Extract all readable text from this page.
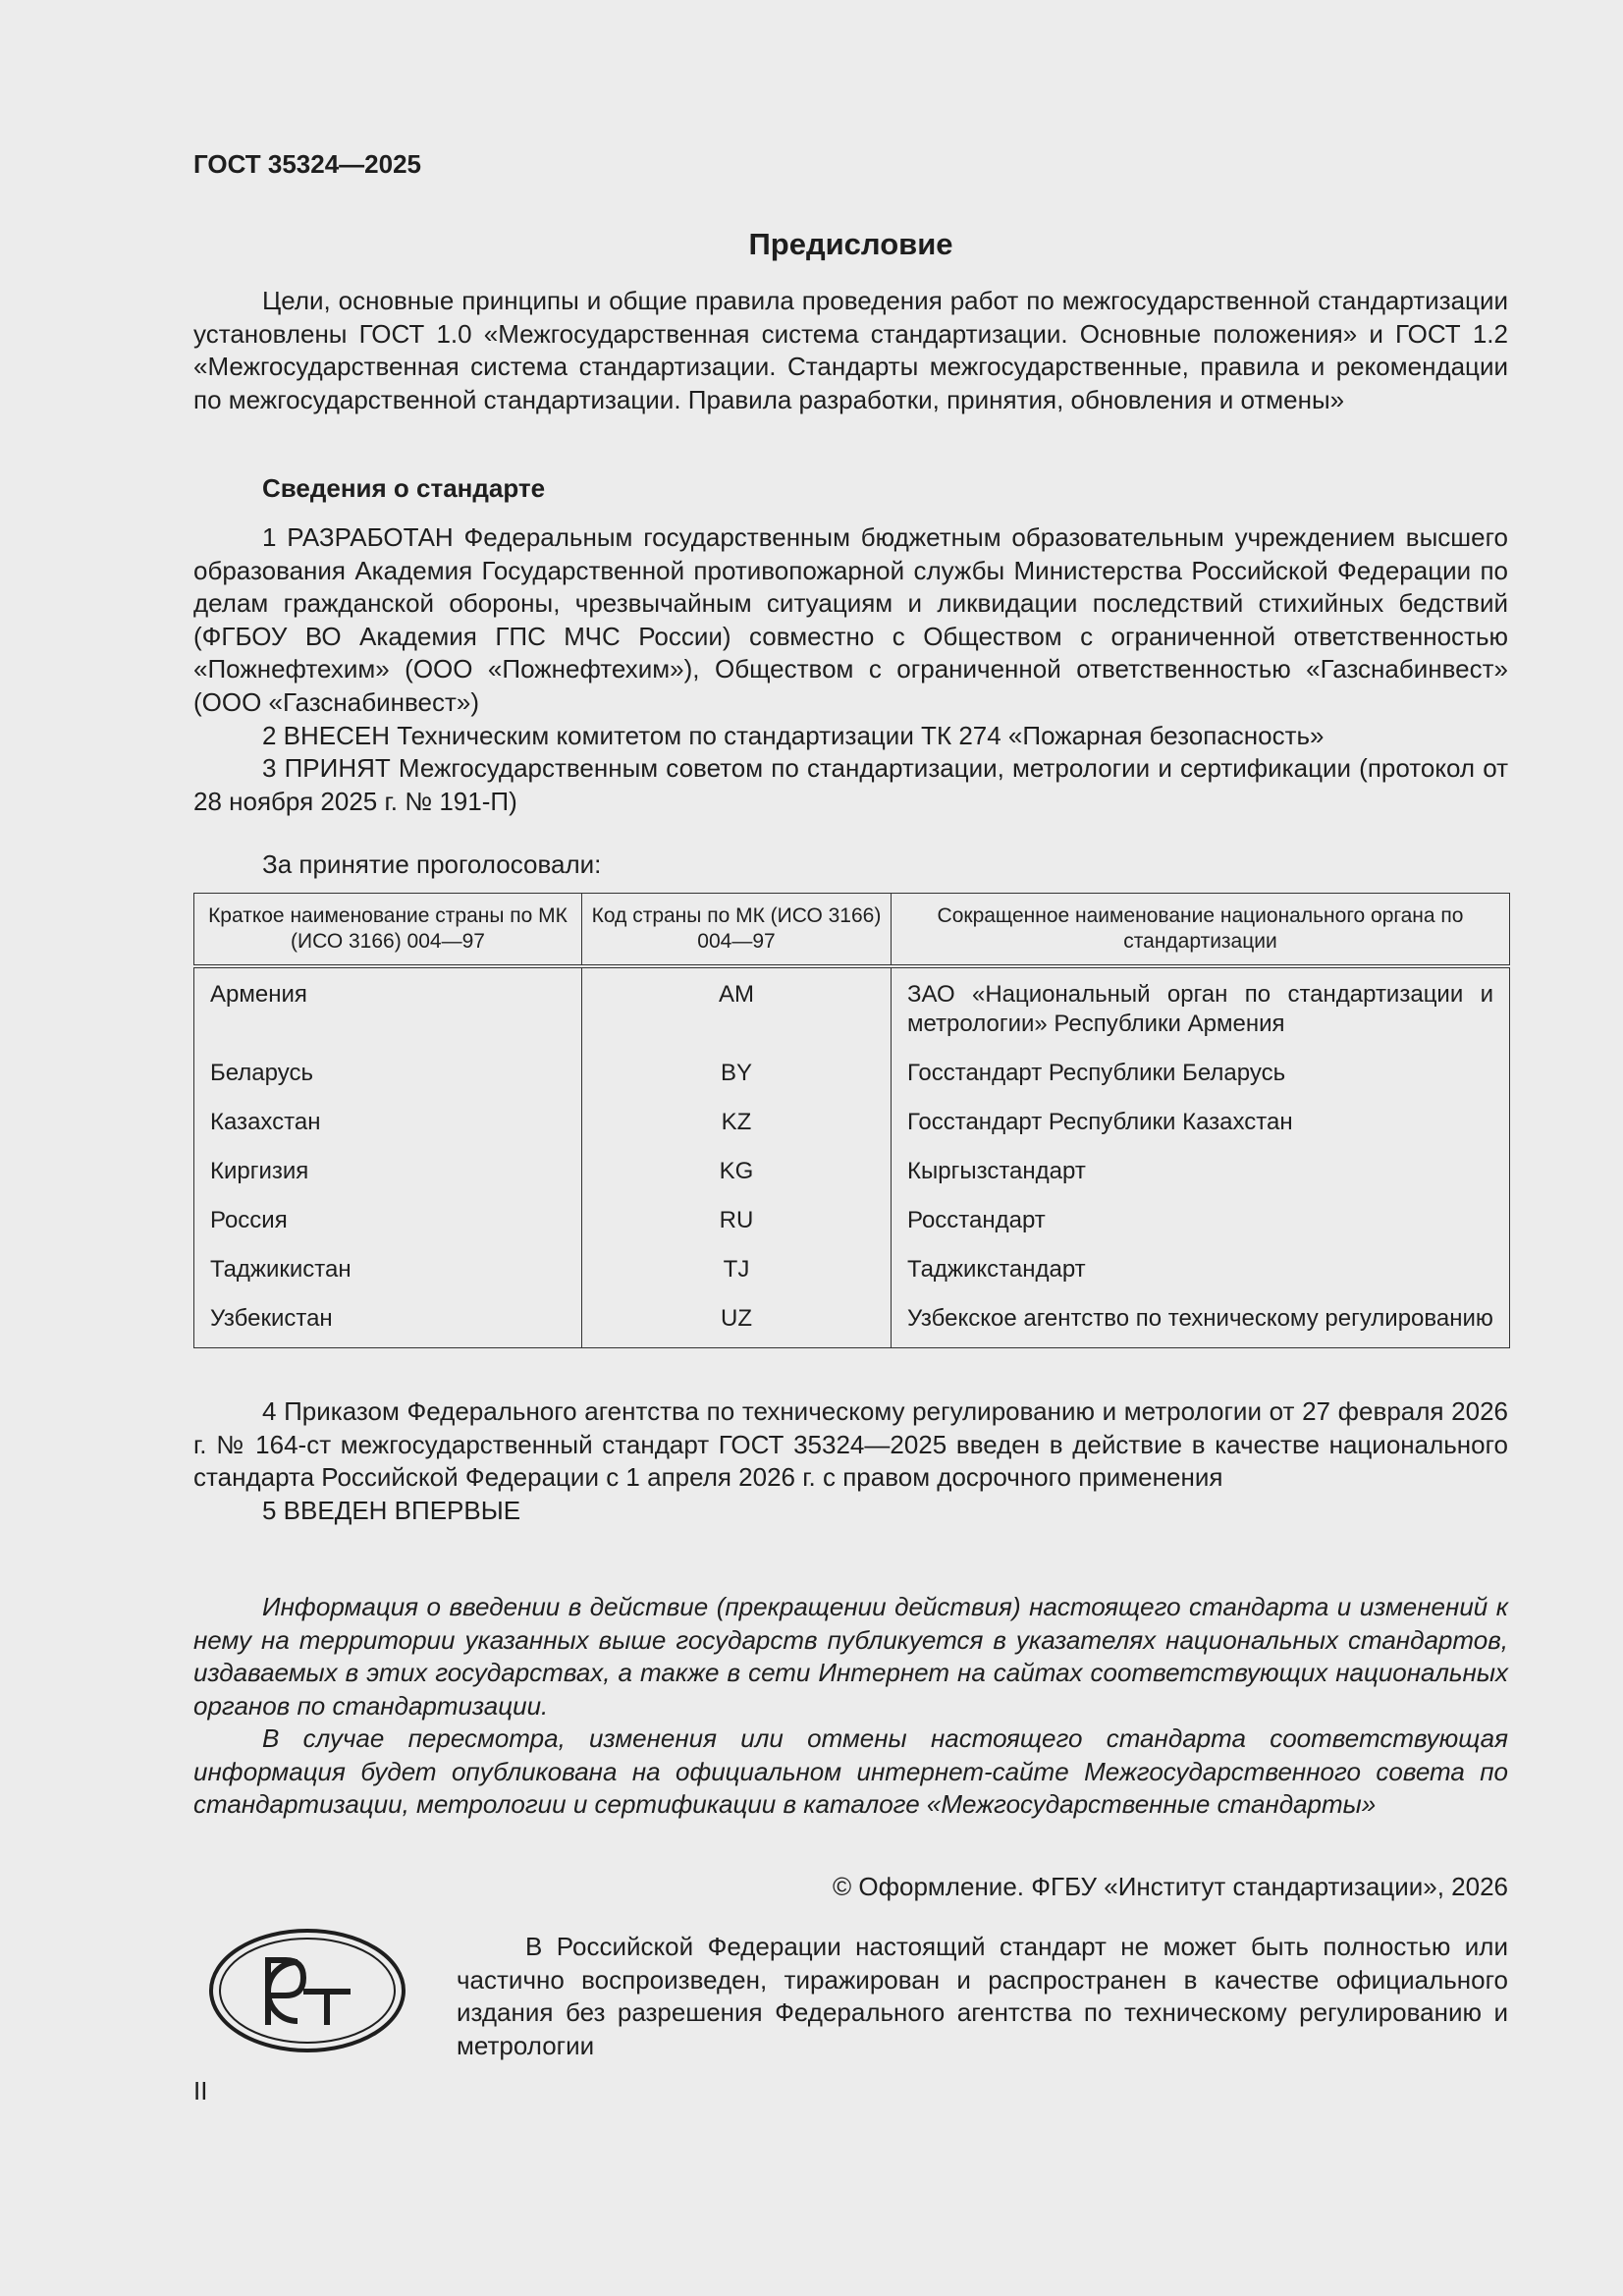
ГОСТ 35324—2025
Предисловие

Цели, основные принципы и общие правила проведения работ по межгосударственной стандартизации установлены ГОСТ 1.0 «Межгосударственная система стандартизации. Основные положения» и ГОСТ 1.2 «Межгосударственная система стандартизации. Стандарты межгосударственные, правила и рекомендации по межгосударственной стандартизации. Правила разработки, принятия, обновления и отмены»

Сведения о стандарте

1 РАЗРАБОТАН Федеральным государственным бюджетным образовательным учреждением высшего образования Академия Государственной противопожарной службы Министерства Российской Федерации по делам гражданской обороны, чрезвычайным ситуациям и ликвидации последствий стихийных бедствий (ФГБОУ ВО Академия ГПС МЧС России) совместно с Обществом с ограниченной ответственностью «Пожнефтехим» (ООО «Пожнефтехим»), Обществом с ограниченной ответственностью «Газснабинвест» (ООО «Газснабинвест»)

2 ВНЕСЕН Техническим комитетом по стандартизации ТК 274 «Пожарная безопасность»

3 ПРИНЯТ Межгосударственным советом по стандартизации, метрологии и сертификации (протокол от 28 ноября 2025 г. № 191-П)

За принятие проголосовали:
Краткое наименование страны по МК (ИСО 3166) 004—97	Код страны по МК (ИСО 3166) 004—97	Сокращенное наименование национального органа по стандартизации
Армения	AM	ЗАО «Национальный орган по стандартизации и метрологии» Республики Армения
Беларусь	BY	Госстандарт Республики Беларусь
Казахстан	KZ	Госстандарт Республики Казахстан
Киргизия	KG	Кыргызстандарт
Россия	RU	Росстандарт
Таджикистан	TJ	Таджикстандарт
Узбекистан	UZ	Узбекское агентство по техническому регулированию

4 Приказом Федерального агентства по техническому регулированию и метрологии от 27 февраля 2026 г. № 164-ст межгосударственный стандарт ГОСТ 35324—2025 введен в действие в качестве национального стандарта Российской Федерации с 1 апреля 2026 г. с правом досрочного применения

5 ВВЕДЕН ВПЕРВЫЕ

Информация о введении в действие (прекращении действия) настоящего стандарта и изменений к нему на территории указанных выше государств публикуется в указателях национальных стандартов, издаваемых в этих государствах, а также в сети Интернет на сайтах соответствующих национальных органов по стандартизации.

В случае пересмотра, изменения или отмены настоящего стандарта соответствующая информация будет опубликована на официальном интернет-сайте Межгосударственного совета по стандартизации, метрологии и сертификации в каталоге «Межгосударственные стандарты»

© Оформление. ФГБУ «Институт стандартизации», 2026

В Российской Федерации настоящий стандарт не может быть полностью или частично воспроизведен, тиражирован и распространен в качестве официального издания без разрешения Федерального агентства по техническому регулированию и метрологии

II
